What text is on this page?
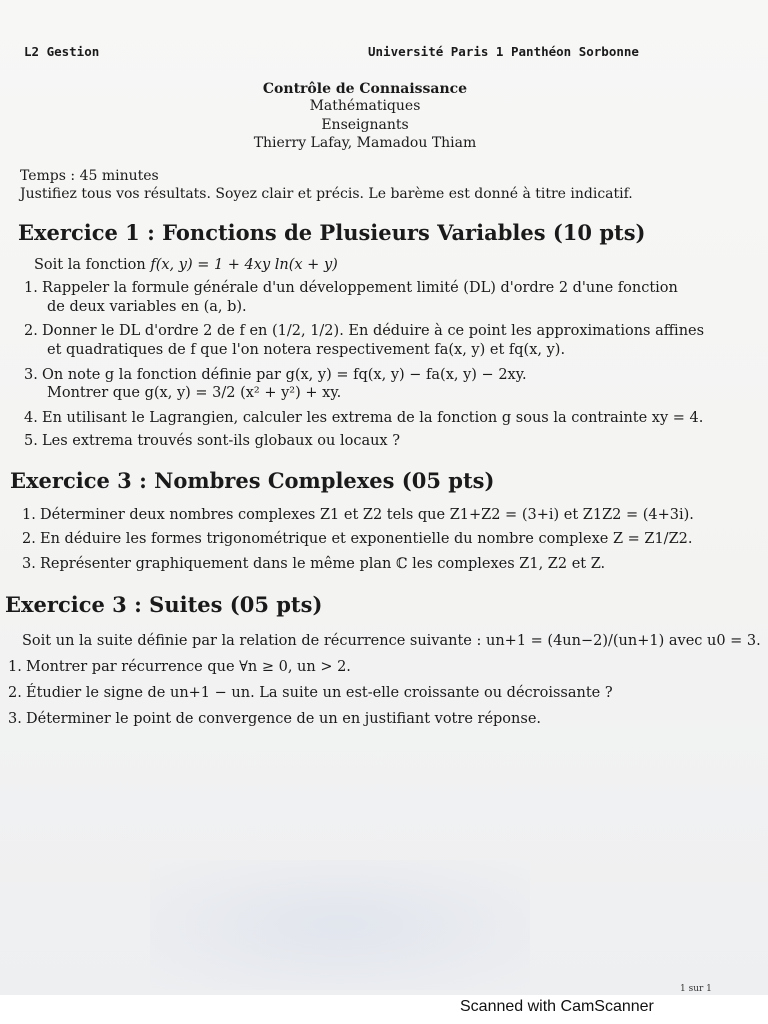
L2 Gestion	Université Paris 1 Panthéon Sorbonne
Contrôle de Connaissance
Mathématiques
Enseignants
Thierry Lafay, Mamadou Thiam
Temps : 45 minutes
Justifiez tous vos résultats. Soyez clair et précis. Le barème est donné à titre indicatif.
Exercice 1 : Fonctions de Plusieurs Variables (10 pts)
Soit la fonction f(x, y) = 1 + 4xy ln(x + y)
1. Rappeler la formule générale d'un développement limité (DL) d'ordre 2 d'une fonction
de deux variables en (a, b).
2. Donner le DL d'ordre 2 de f en (1/2, 1/2). En déduire à ce point les approximations affines
et quadratiques de f que l'on notera respectivement fa(x, y) et fq(x, y).
3. On note g la fonction définie par g(x, y) = fq(x, y) − fa(x, y) − 2xy.
Montrer que g(x, y) = 3/2 (x² + y²) + xy.
4. En utilisant le Lagrangien, calculer les extrema de la fonction g sous la contrainte xy = 4.
5. Les extrema trouvés sont-ils globaux ou locaux ?
Exercice 3 : Nombres Complexes (05 pts)
1. Déterminer deux nombres complexes Z1 et Z2 tels que Z1+Z2 = (3+i) et Z1Z2 = (4+3i).
2. En déduire les formes trigonométrique et exponentielle du nombre complexe Z = Z1/Z2.
3. Représenter graphiquement dans le même plan ℂ les complexes Z1, Z2 et Z.
Exercice 3 : Suites (05 pts)
Soit un la suite définie par la relation de récurrence suivante : un+1 = (4un−2)/(un+1) avec u0 = 3.
1. Montrer par récurrence que ∀n ≥ 0, un > 2.
2. Étudier le signe de un+1 − un. La suite un est-elle croissante ou décroissante ?
3. Déterminer le point de convergence de un en justifiant votre réponse.
1 sur 1
Scanned with CamScanner
